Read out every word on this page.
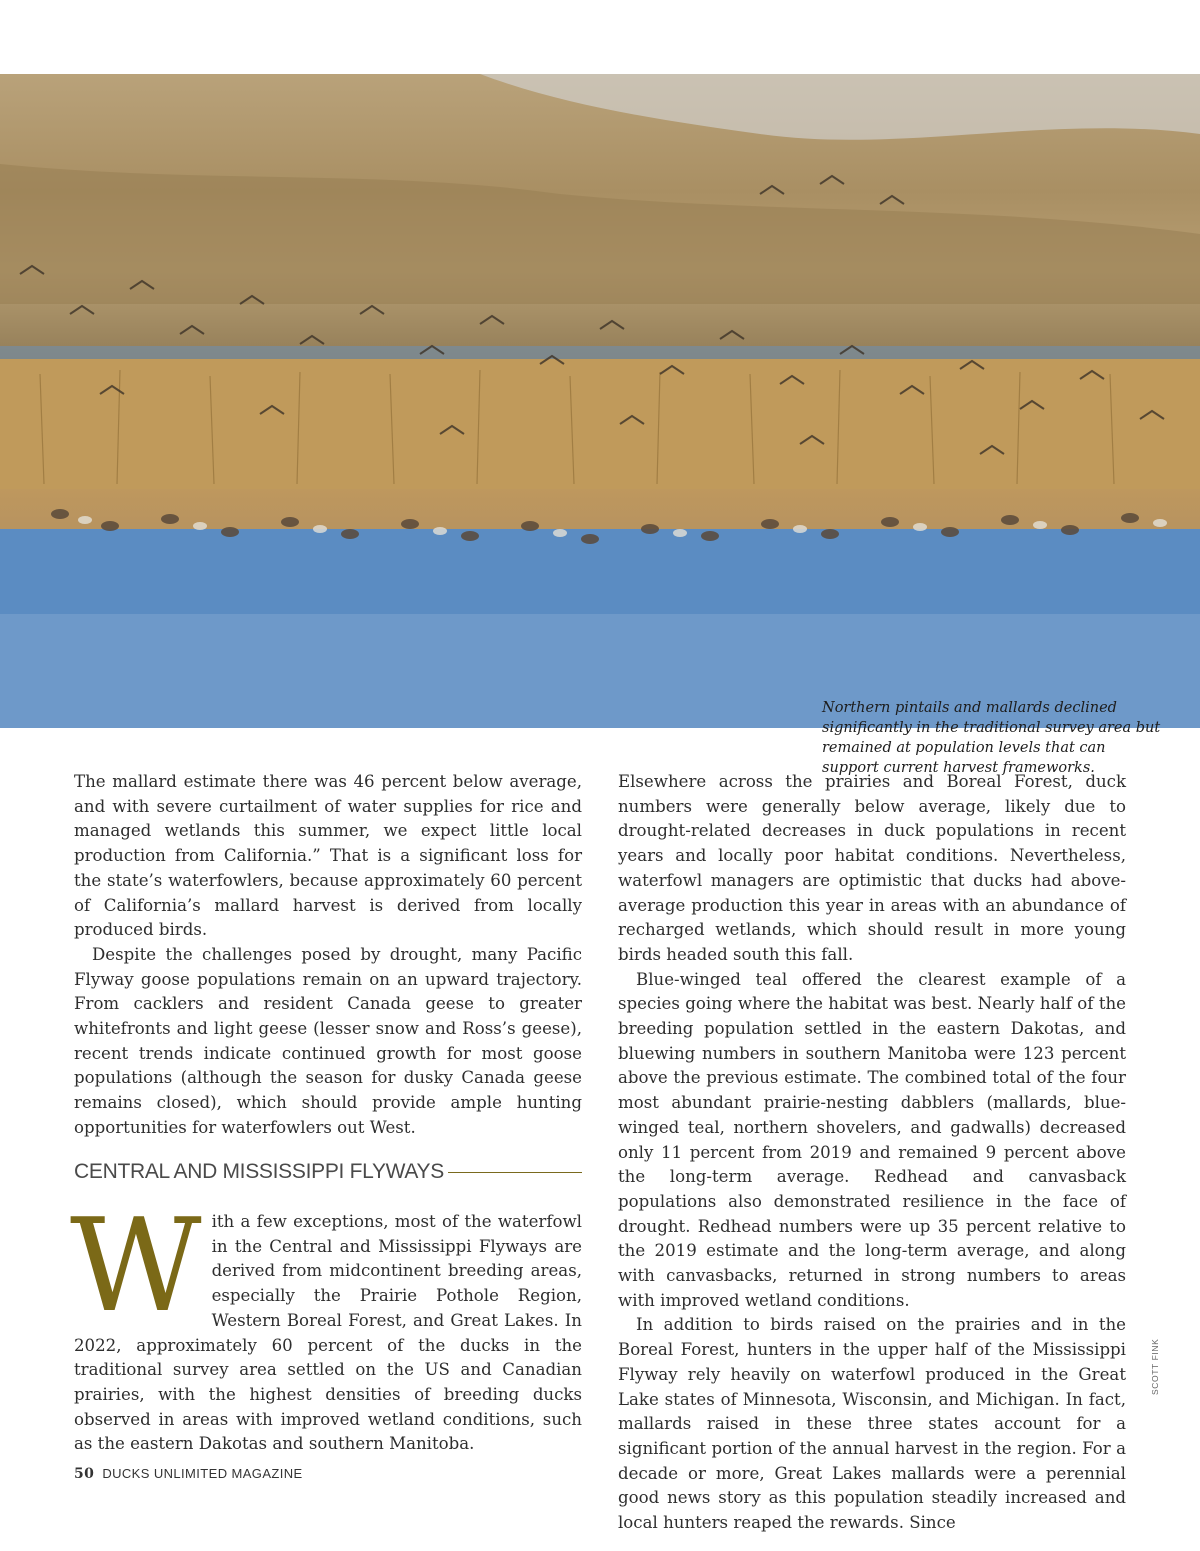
Northern pintails and mallards declined significantly in the traditional survey area but remained at population levels that can support current harvest frameworks.

The mallard estimate there was 46 percent below average, and with severe curtailment of water supplies for rice and managed wetlands this summer, we expect little local production from California.” That is a significant loss for the state’s waterfowlers, because approximately 60 percent of California’s mallard harvest is derived from locally produced birds.

Despite the challenges posed by drought, many Pacific Flyway goose populations remain on an upward trajectory. From cacklers and resident Canada geese to greater whitefronts and light geese (lesser snow and Ross’s geese), recent trends indicate continued growth for most goose populations (although the season for dusky Canada geese remains closed), which should provide ample hunting opportunities for waterfowlers out West.

CENTRAL AND MISSISSIPPI FLYWAYS
With a few exceptions, most of the waterfowl in the Central and Mississippi Flyways are derived from midcontinent breeding areas, especially the Prairie Pothole Region, Western Boreal Forest, and Great Lakes. In 2022, approximately 60 percent of the ducks in the traditional survey area settled on the US and Canadian prairies, with the highest densities of breeding ducks observed in areas with improved wetland conditions, such as the eastern Dakotas and southern Manitoba.

Elsewhere across the prairies and Boreal Forest, duck numbers were generally below average, likely due to drought-related decreases in duck populations in recent years and locally poor habitat conditions. Nevertheless, waterfowl managers are optimistic that ducks had above-average production this year in areas with an abundance of recharged wetlands, which should result in more young birds headed south this fall.

Blue-winged teal offered the clearest example of a species going where the habitat was best. Nearly half of the breeding population settled in the eastern Dakotas, and bluewing numbers in southern Manitoba were 123 percent above the previous estimate. The combined total of the four most abundant prairie-nesting dabblers (mallards, blue-winged teal, northern shovelers, and gadwalls) decreased only 11 percent from 2019 and remained 9 percent above the long-term average. Redhead and canvasback populations also demonstrated resilience in the face of drought. Redhead numbers were up 35 percent relative to the 2019 estimate and the long-term average, and along with canvasbacks, returned in strong numbers to areas with improved wetland conditions.

In addition to birds raised on the prairies and in the Boreal Forest, hunters in the upper half of the Mississippi Flyway rely heavily on waterfowl produced in the Great Lake states of Minnesota, Wisconsin, and Michigan. In fact, mallards raised in these three states account for a significant portion of the annual harvest in the region. For a decade or more, Great Lakes mallards were a perennial good news story as this population steadily increased and local hunters reaped the rewards. Since

SCOTT FINK
50 DUCKS UNLIMITED MAGAZINE
